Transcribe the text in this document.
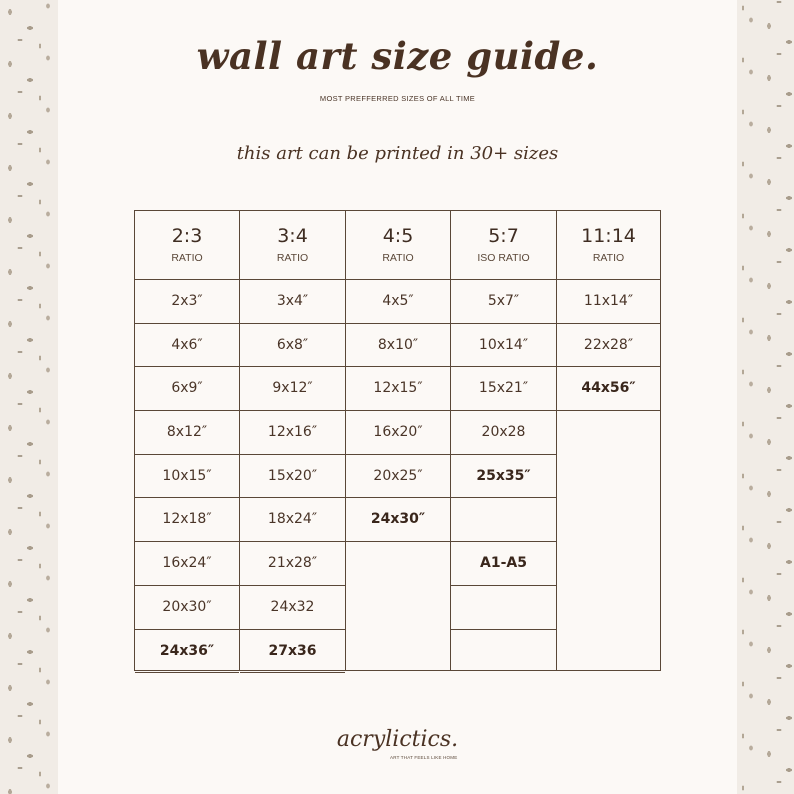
wall art size guide.
MOST PREFFERRED SIZES OF ALL TIME
this art can be printed in 30+ sizes
2:3
RATIO
2x3″
4x6″
6x9″
8x12″
10x15″
12x18″
16x24″
20x30″
24x36″
3:4
RATIO
3x4″
6x8″
9x12″
12x16″
15x20″
18x24″
21x28″
24x32
27x36
4:5
RATIO
4x5″
8x10″
12x15″
16x20″
20x25″
24x30″
5:7
ISO RATIO
5x7″
10x14″
15x21″
20x28
25x35″
A1-A5
11:14
RATIO
11x14″
22x28″
44x56″
acrylictics.
ART THAT FEELS LIKE HOME
